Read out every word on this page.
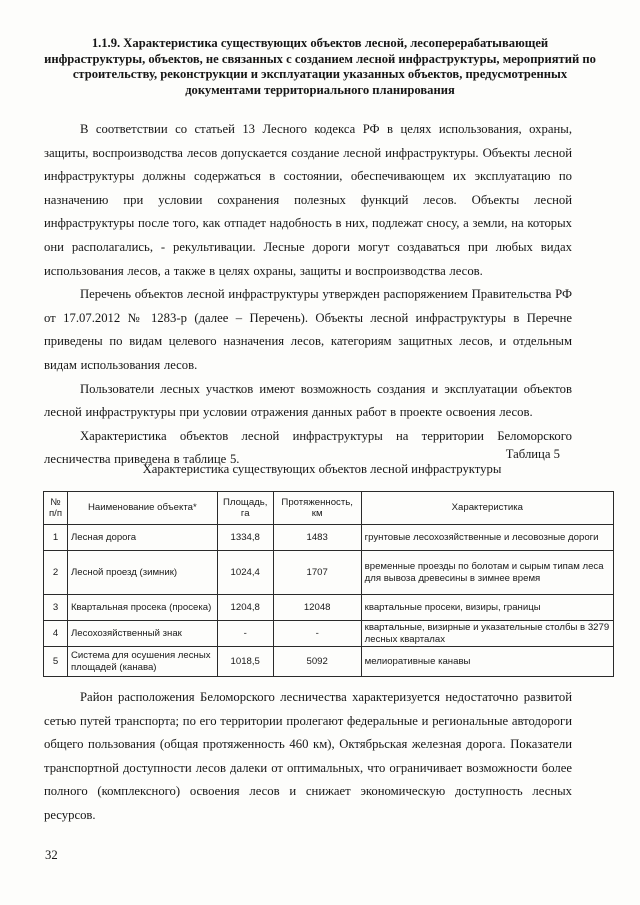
1.1.9. Характеристика существующих объектов лесной, лесоперерабатывающей инфраструктуры, объектов, не связанных с созданием лесной инфраструктуры, мероприятий по строительству, реконструкции и эксплуатации указанных объектов, предусмотренных документами территориального планирования

В соответствии со статьей 13 Лесного кодекса РФ в целях использования, охраны, защиты, воспроизводства лесов допускается создание лесной инфраструктуры. Объекты лесной инфраструктуры должны содержаться в состоянии, обеспечивающем их эксплуатацию по назначению при условии сохранения полезных функций лесов. Объекты лесной инфраструктуры после того, как отпадет надобность в них, подлежат сносу, а земли, на которых они располагались, - рекультивации. Лесные дороги могут создаваться при любых видах использования лесов, а также в целях охраны, защиты и воспроизводства лесов.

Перечень объектов лесной инфраструктуры утвержден распоряжением Правительства РФ от 17.07.2012 № 1283-р (далее – Перечень). Объекты лесной инфраструктуры в Перечне приведены по видам целевого назначения лесов, категориям защитных лесов, и отдельным видам использования лесов.

Пользователи лесных участков имеют возможность создания и эксплуатации объектов лесной инфраструктуры при условии отражения данных работ в проекте освоения лесов.

Характеристика объектов лесной инфраструктуры на территории Беломорского лесничества приведена в таблице 5.	Таблица 5

Характеристика существующих объектов лесной инфраструктуры

№ п/п	Наименование объекта*	Площадь, га	Протяженность, км	Характеристика
1	Лесная дорога	1334,8	1483	грунтовые лесохозяйственные и лесовозные дороги
2	Лесной проезд (зимник)	1024,4	1707	временные проезды по болотам и сырым типам леса для вывоза древесины в зимнее время
3	Квартальная просека (просека)	1204,8	12048	квартальные просеки, визиры, границы
4	Лесохозяйственный знак	-	-	квартальные, визирные и указательные столбы в 3279 лесных кварталах
5	Система для осушения лесных площадей (канава)	1018,5	5092	мелиоративные канавы

Район расположения Беломорского лесничества характеризуется недостаточно развитой сетью путей транспорта; по его территории пролегают федеральные и региональные автодороги общего пользования (общая протяженность 460 км), Октябрьская железная дорога. Показатели транспортной доступности лесов далеки от оптимальных, что ограничивает возможности более полного (комплексного) освоения лесов и снижает экономическую доступность лесных ресурсов.

32
